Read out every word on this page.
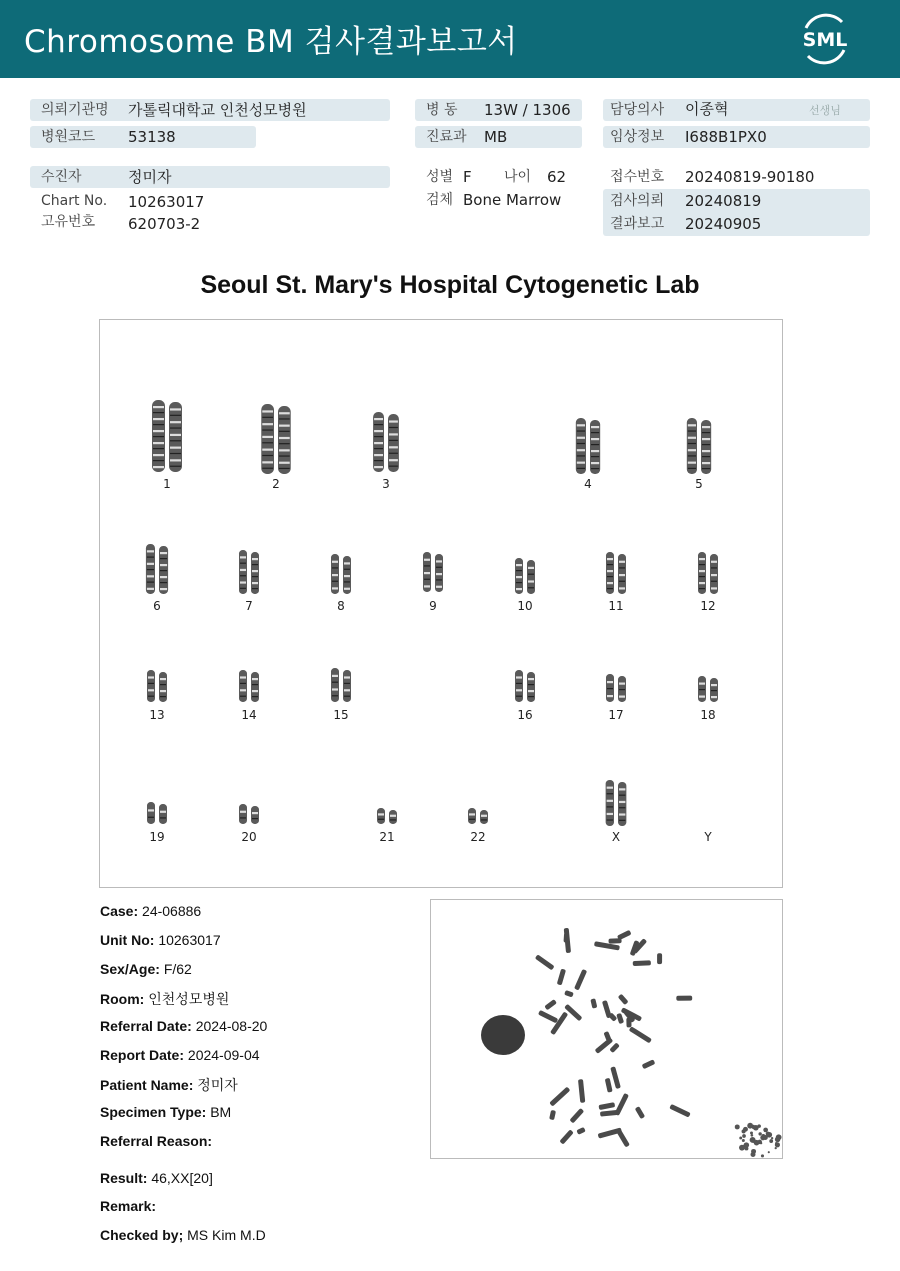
Chromosome BM 검사결과보고서	SML
의뢰기관명 가톨릭대학교 인천성모병원
병원코드 53138
수진자	정미자
Chart No. 10263017
고유번호 620703-2
병 동 13W / 1306
진료과 MB
성별 F 나이 62
검체 Bone Marrow
담당의사 이종혁	선생님
임상정보 I688B1PX0
접수번호 20240819-90180
검사의뢰 20240819
결과보고 20240905
Seoul St. Mary's Hospital Cytogenetic Lab
1	2	3	4	5
6	7	8	9	10	11	12
13	14	15	16	17	18
19	20	21	22	X	Y
Case: 24-06886
Unit No: 10263017
Sex/Age: F/62
Room: 인천성모병원
Referral Date: 2024-08-20
Report Date: 2024-09-04
Patient Name: 정미자
Specimen Type: BM
Referral Reason:
Result: 46,XX[20]
Remark:
Checked by; MS Kim M.D
